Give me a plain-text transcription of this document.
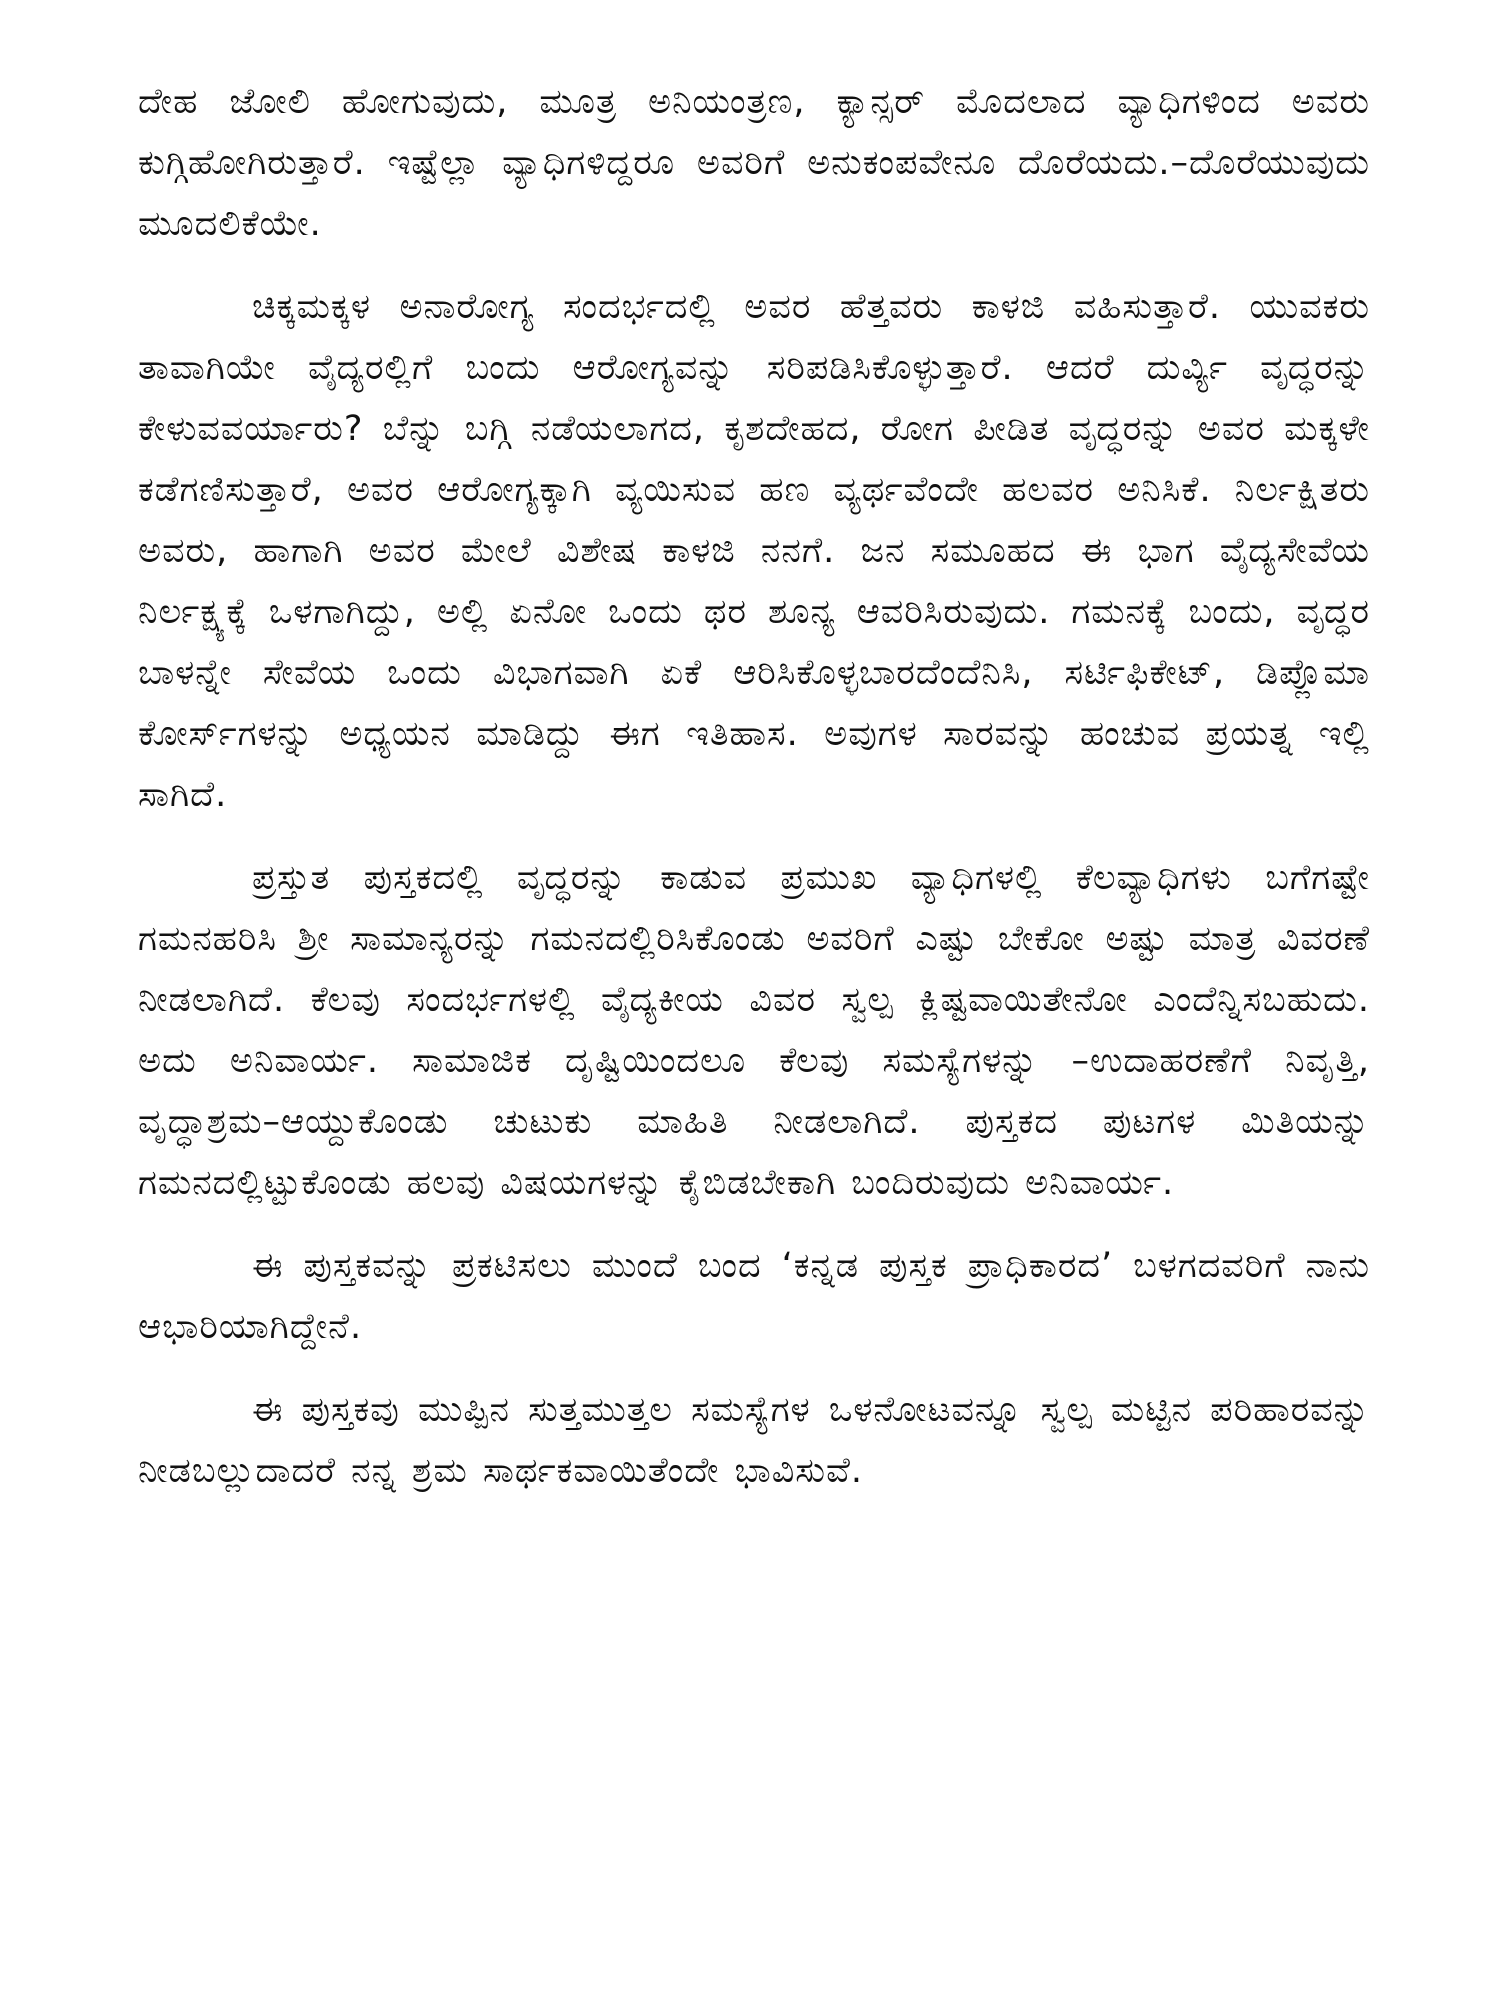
ದೇಹ ಜೋಲಿ ಹೋಗುವುದು, ಮೂತ್ರ ಅನಿಯಂತ್ರಣ, ಕ್ಯಾನ್ಸರ್ ಮೊದಲಾದ ವ್ಯಾಧಿಗಳಿಂದ ಅವರು ಕುಗ್ಗಿಹೋಗಿರುತ್ತಾರೆ. ಇಷ್ಟೆಲ್ಲಾ ವ್ಯಾಧಿಗಳಿದ್ದರೂ ಅವರಿಗೆ ಅನುಕಂಪವೇನೂ ದೊರೆಯದು.–ದೊರೆಯುವುದು ಮೂದಲಿಕೆಯೇ.

ಚಿಕ್ಕಮಕ್ಕಳ ಅನಾರೋಗ್ಯ ಸಂದರ್ಭದಲ್ಲಿ ಅವರ ಹೆತ್ತವರು ಕಾಳಜಿ ವಹಿಸುತ್ತಾರೆ. ಯುವಕರು ತಾವಾಗಿಯೇ ವೈದ್ಯರಲ್ಲಿಗೆ ಬಂದು ಆರೋಗ್ಯವನ್ನು ಸರಿಪಡಿಸಿಕೊಳ್ಳುತ್ತಾರೆ. ಆದರೆ ದುರ್ವ್ಯಿ ವೃದ್ಧರನ್ನು ಕೇಳುವವರ್ಯಾರು? ಬೆನ್ನು ಬಗ್ಗಿ ನಡೆಯಲಾಗದ, ಕೃಶದೇಹದ, ರೋಗ ಪೀಡಿತ ವೃದ್ಧರನ್ನು ಅವರ ಮಕ್ಕಳೇ ಕಡೆಗಣಿಸುತ್ತಾರೆ, ಅವರ ಆರೋಗ್ಯಕ್ಕಾಗಿ ವ್ಯಯಿಸುವ ಹಣ ವ್ಯರ್ಥವೆಂದೇ ಹಲವರ ಅನಿಸಿಕೆ. ನಿರ್ಲಕ್ಷಿತರು ಅವರು, ಹಾಗಾಗಿ ಅವರ ಮೇಲೆ ವಿಶೇಷ ಕಾಳಜಿ ನನಗೆ. ಜನ ಸಮೂಹದ ಈ ಭಾಗ ವೈದ್ಯಸೇವೆಯ ನಿರ್ಲಕ್ಷ್ಯಕ್ಕೆ ಒಳಗಾಗಿದ್ದು, ಅಲ್ಲಿ ಏನೋ ಒಂದು ಥರ ಶೂನ್ಯ ಆವರಿಸಿರುವುದು. ಗಮನಕ್ಕೆ ಬಂದು, ವೃದ್ಧರ ಬಾಳನ್ನೇ ಸೇವೆಯ ಒಂದು ವಿಭಾಗವಾಗಿ ಏಕೆ ಆರಿಸಿಕೊಳ್ಳಬಾರದೆಂದೆನಿಸಿ, ಸರ್ಟಿಫಿಕೇಟ್, ಡಿಪ್ಲೊಮಾ ಕೋರ್ಸ್‌ಗಳನ್ನು ಅಧ್ಯಯನ ಮಾಡಿದ್ದು ಈಗ ಇತಿಹಾಸ. ಅವುಗಳ ಸಾರವನ್ನು ಹಂಚುವ ಪ್ರಯತ್ನ ಇಲ್ಲಿ ಸಾಗಿದೆ.

ಪ್ರಸ್ತುತ ಪುಸ್ತಕದಲ್ಲಿ ವೃದ್ಧರನ್ನು ಕಾಡುವ ಪ್ರಮುಖ ವ್ಯಾಧಿಗಳಲ್ಲಿ ಕೆಲವ್ಯಾಧಿಗಳು ಬಗೆಗಷ್ಟೇ ಗಮನಹರಿಸಿ ಶ್ರೀ ಸಾಮಾನ್ಯರನ್ನು ಗಮನದಲ್ಲಿರಿಸಿಕೊಂಡು ಅವರಿಗೆ ಎಷ್ಟು ಬೇಕೋ ಅಷ್ಟು ಮಾತ್ರ ವಿವರಣೆ ನೀಡಲಾಗಿದೆ. ಕೆಲವು ಸಂದರ್ಭಗಳಲ್ಲಿ ವೈದ್ಯಕೀಯ ವಿವರ ಸ್ವಲ್ಪ ಕ್ಲಿಷ್ಟವಾಯಿತೇನೋ ಎಂದೆನ್ನಿಸಬಹುದು. ಅದು ಅನಿವಾರ್ಯ. ಸಾಮಾಜಿಕ ದೃಷ್ಟಿಯಿಂದಲೂ ಕೆಲವು ಸಮಸ್ಯೆಗಳನ್ನು –ಉದಾಹರಣೆಗೆ ನಿವೃತ್ತಿ, ವೃದ್ಧಾಶ್ರಮ–ಆಯ್ದುಕೊಂಡು ಚುಟುಕು ಮಾಹಿತಿ ನೀಡಲಾಗಿದೆ. ಪುಸ್ತಕದ ಪುಟಗಳ ಮಿತಿಯನ್ನು ಗಮನದಲ್ಲಿಟ್ಟುಕೊಂಡು ಹಲವು ವಿಷಯಗಳನ್ನು ಕೈಬಿಡಬೇಕಾಗಿ ಬಂದಿರುವುದು ಅನಿವಾರ್ಯ.

ಈ ಪುಸ್ತಕವನ್ನು ಪ್ರಕಟಿಸಲು ಮುಂದೆ ಬಂದ ‘ಕನ್ನಡ ಪುಸ್ತಕ ಪ್ರಾಧಿಕಾರದ’ ಬಳಗದವರಿಗೆ ನಾನು ಆಭಾರಿಯಾಗಿದ್ದೇನೆ.

ಈ ಪುಸ್ತಕವು ಮುಪ್ಪಿನ ಸುತ್ತಮುತ್ತಲ ಸಮಸ್ಯೆಗಳ ಒಳನೋಟವನ್ನೂ ಸ್ವಲ್ಪ ಮಟ್ಟಿನ ಪರಿಹಾರವನ್ನು ನೀಡಬಲ್ಲುದಾದರೆ ನನ್ನ ಶ್ರಮ ಸಾರ್ಥಕವಾಯಿತೆಂದೇ ಭಾವಿಸುವೆ.
